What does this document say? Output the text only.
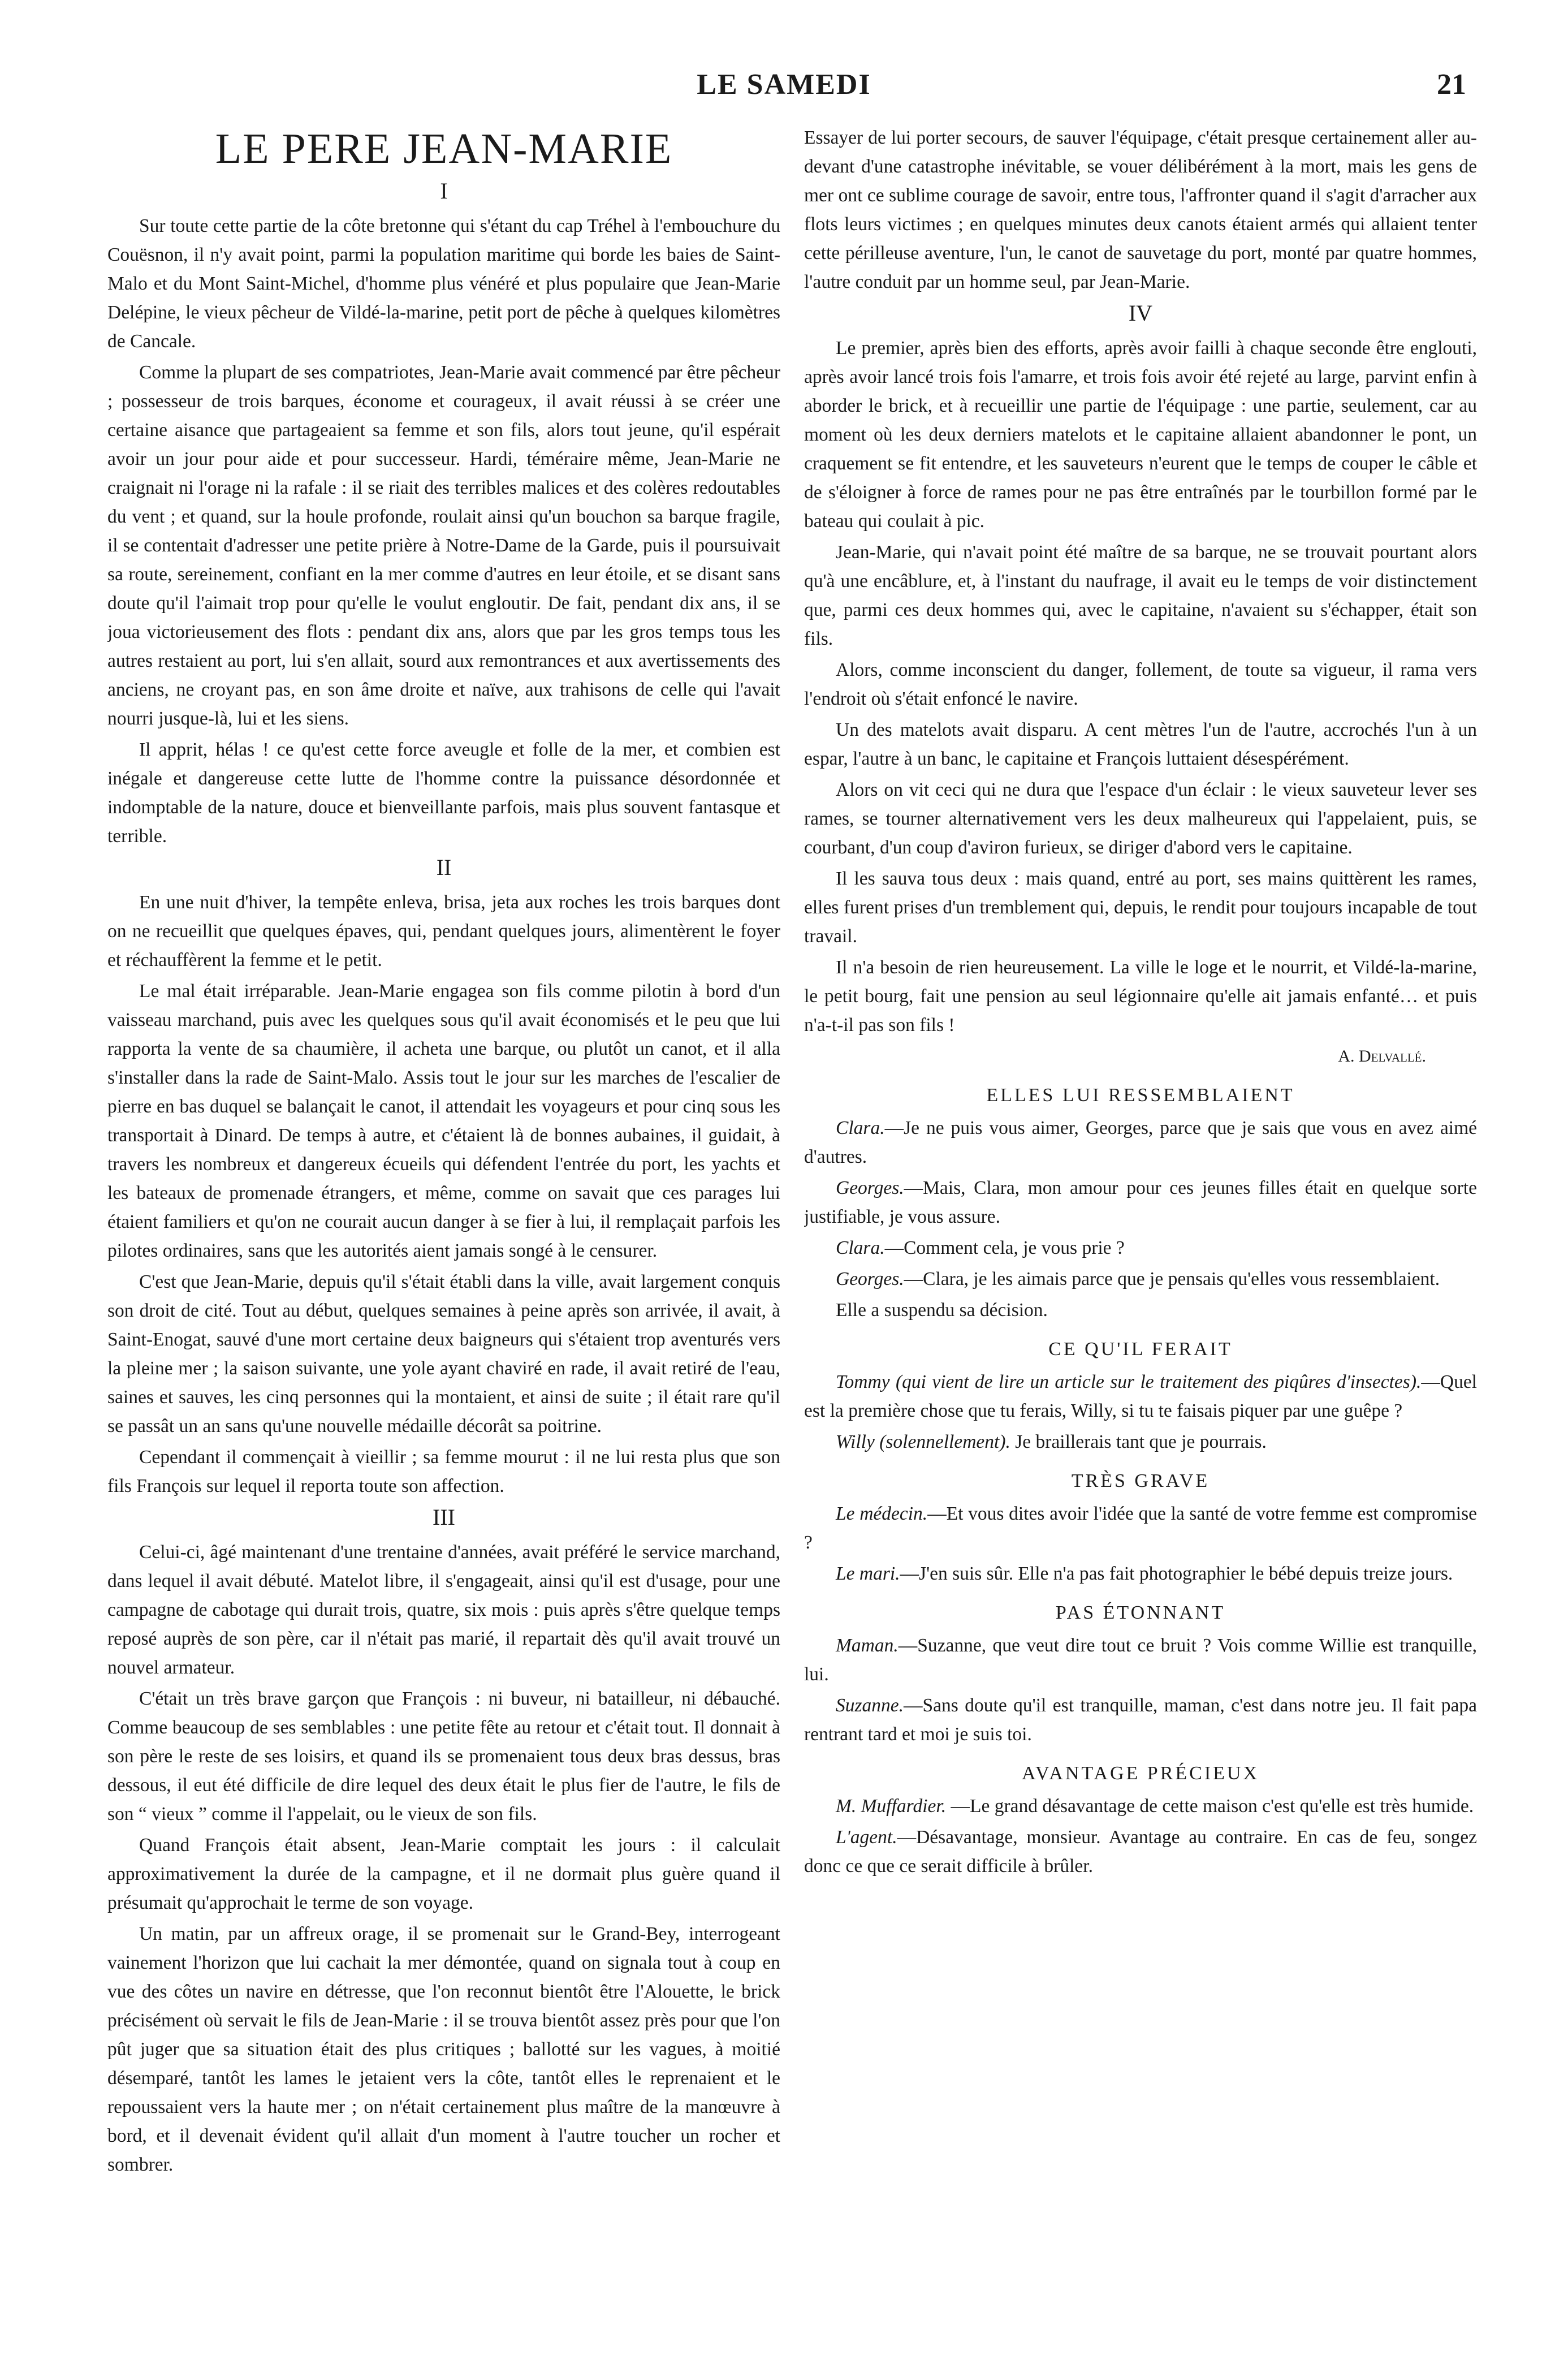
LE SAMEDI	21
LE PERE JEAN-MARIE
I

Sur toute cette partie de la côte bretonne qui s'étant du cap Tréhel à l'embouchure du Couësnon, il n'y avait point, parmi la population maritime qui borde les baies de Saint-Malo et du Mont Saint-Michel, d'homme plus vénéré et plus populaire que Jean-Marie Delépine, le vieux pêcheur de Vildé-la-marine, petit port de pêche à quelques kilomètres de Cancale.

Comme la plupart de ses compatriotes, Jean-Marie avait commencé par être pêcheur ; possesseur de trois barques, économe et courageux, il avait réussi à se créer une certaine aisance que partageaient sa femme et son fils, alors tout jeune, qu'il espérait avoir un jour pour aide et pour successeur. Hardi, téméraire même, Jean-Marie ne craignait ni l'orage ni la rafale : il se riait des terribles malices et des colères redoutables du vent ; et quand, sur la houle profonde, roulait ainsi qu'un bouchon sa barque fragile, il se contentait d'adresser une petite prière à Notre-Dame de la Garde, puis il poursuivait sa route, sereinement, confiant en la mer comme d'autres en leur étoile, et se disant sans doute qu'il l'aimait trop pour qu'elle le voulut engloutir. De fait, pendant dix ans, il se joua victorieusement des flots : pendant dix ans, alors que par les gros temps tous les autres restaient au port, lui s'en allait, sourd aux remontrances et aux avertissements des anciens, ne croyant pas, en son âme droite et naïve, aux trahisons de celle qui l'avait nourri jusque-là, lui et les siens.

Il apprit, hélas ! ce qu'est cette force aveugle et folle de la mer, et combien est inégale et dangereuse cette lutte de l'homme contre la puissance désordonnée et indomptable de la nature, douce et bienveillante parfois, mais plus souvent fantasque et terrible.

II

En une nuit d'hiver, la tempête enleva, brisa, jeta aux roches les trois barques dont on ne recueillit que quelques épaves, qui, pendant quelques jours, alimentèrent le foyer et réchauffèrent la femme et le petit.

Le mal était irréparable. Jean-Marie engagea son fils comme pilotin à bord d'un vaisseau marchand, puis avec les quelques sous qu'il avait économisés et le peu que lui rapporta la vente de sa chaumière, il acheta une barque, ou plutôt un canot, et il alla s'installer dans la rade de Saint-Malo. Assis tout le jour sur les marches de l'escalier de pierre en bas duquel se balançait le canot, il attendait les voyageurs et pour cinq sous les transportait à Dinard. De temps à autre, et c'étaient là de bonnes aubaines, il guidait, à travers les nombreux et dangereux écueils qui défendent l'entrée du port, les yachts et les bateaux de promenade étrangers, et même, comme on savait que ces parages lui étaient familiers et qu'on ne courait aucun danger à se fier à lui, il remplaçait parfois les pilotes ordinaires, sans que les autorités aient jamais songé à le censurer.

C'est que Jean-Marie, depuis qu'il s'était établi dans la ville, avait largement conquis son droit de cité. Tout au début, quelques semaines à peine après son arrivée, il avait, à Saint-Enogat, sauvé d'une mort certaine deux baigneurs qui s'étaient trop aventurés vers la pleine mer ; la saison suivante, une yole ayant chaviré en rade, il avait retiré de l'eau, saines et sauves, les cinq personnes qui la montaient, et ainsi de suite ; il était rare qu'il se passât un an sans qu'une nouvelle médaille décorât sa poitrine.

Cependant il commençait à vieillir ; sa femme mourut : il ne lui resta plus que son fils François sur lequel il reporta toute son affection.

III

Celui-ci, âgé maintenant d'une trentaine d'années, avait préféré le service marchand, dans lequel il avait débuté. Matelot libre, il s'engageait, ainsi qu'il est d'usage, pour une campagne de cabotage qui durait trois, quatre, six mois : puis après s'être quelque temps reposé auprès de son père, car il n'était pas marié, il repartait dès qu'il avait trouvé un nouvel armateur.

C'était un très brave garçon que François : ni buveur, ni batailleur, ni débauché. Comme beaucoup de ses semblables : une petite fête au retour et c'était tout. Il donnait à son père le reste de ses loisirs, et quand ils se promenaient tous deux bras dessus, bras dessous, il eut été difficile de dire lequel des deux était le plus fier de l'autre, le fils de son “ vieux ” comme il l'appelait, ou le vieux de son fils.

Quand François était absent, Jean-Marie comptait les jours : il calculait approximativement la durée de la campagne, et il ne dormait plus guère quand il présumait qu'approchait le terme de son voyage.

Un matin, par un affreux orage, il se promenait sur le Grand-Bey, interrogeant vainement l'horizon que lui cachait la mer démontée, quand on signala tout à coup en vue des côtes un navire en détresse, que l'on reconnut bientôt être l'Alouette, le brick précisément où servait le fils de Jean-Marie : il se trouva bientôt assez près pour que l'on pût juger que sa situation était des plus critiques ; ballotté sur les vagues, à moitié désemparé, tantôt les lames le jetaient vers la côte, tantôt elles le reprenaient et le repoussaient vers la haute mer ; on n'était certainement plus maître de la manœuvre à bord, et il devenait évident qu'il allait d'un moment à l'autre toucher un rocher et sombrer.

Essayer de lui porter secours, de sauver l'équipage, c'était presque certainement aller au-devant d'une catastrophe inévitable, se vouer délibérément à la mort, mais les gens de mer ont ce sublime courage de savoir, entre tous, l'affronter quand il s'agit d'arracher aux flots leurs victimes ; en quelques minutes deux canots étaient armés qui allaient tenter cette périlleuse aventure, l'un, le canot de sauvetage du port, monté par quatre hommes, l'autre conduit par un homme seul, par Jean-Marie.

IV

Le premier, après bien des efforts, après avoir failli à chaque seconde être englouti, après avoir lancé trois fois l'amarre, et trois fois avoir été rejeté au large, parvint enfin à aborder le brick, et à recueillir une partie de l'équipage : une partie, seulement, car au moment où les deux derniers matelots et le capitaine allaient abandonner le pont, un craquement se fit entendre, et les sauveteurs n'eurent que le temps de couper le câble et de s'éloigner à force de rames pour ne pas être entraînés par le tourbillon formé par le bateau qui coulait à pic.

Jean-Marie, qui n'avait point été maître de sa barque, ne se trouvait pourtant alors qu'à une encâblure, et, à l'instant du naufrage, il avait eu le temps de voir distinctement que, parmi ces deux hommes qui, avec le capitaine, n'avaient su s'échapper, était son fils.

Alors, comme inconscient du danger, follement, de toute sa vigueur, il rama vers l'endroit où s'était enfoncé le navire.

Un des matelots avait disparu. A cent mètres l'un de l'autre, accrochés l'un à un espar, l'autre à un banc, le capitaine et François luttaient désespérément.

Alors on vit ceci qui ne dura que l'espace d'un éclair : le vieux sauveteur lever ses rames, se tourner alternativement vers les deux malheureux qui l'appelaient, puis, se courbant, d'un coup d'aviron furieux, se diriger d'abord vers le capitaine.

Il les sauva tous deux : mais quand, entré au port, ses mains quittèrent les rames, elles furent prises d'un tremblement qui, depuis, le rendit pour toujours incapable de tout travail.

Il n'a besoin de rien heureusement. La ville le loge et le nourrit, et Vildé-la-marine, le petit bourg, fait une pension au seul légionnaire qu'elle ait jamais enfanté… et puis n'a-t-il pas son fils !

A. Delvallé.
ELLES LUI RESSEMBLAIENT

Clara.—Je ne puis vous aimer, Georges, parce que je sais que vous en avez aimé d'autres.

Georges.—Mais, Clara, mon amour pour ces jeunes filles était en quelque sorte justifiable, je vous assure.

Clara.—Comment cela, je vous prie ?

Georges.—Clara, je les aimais parce que je pensais qu'elles vous ressemblaient.

Elle a suspendu sa décision.

CE QU'IL FERAIT

Tommy (qui vient de lire un article sur le traitement des piqûres d'insectes).—Quel est la première chose que tu ferais, Willy, si tu te faisais piquer par une guêpe ?

Willy (solennellement). Je braillerais tant que je pourrais.

TRÈS GRAVE

Le médecin.—Et vous dites avoir l'idée que la santé de votre femme est compromise ?

Le mari.—J'en suis sûr. Elle n'a pas fait photographier le bébé depuis treize jours.

PAS ÉTONNANT

Maman.—Suzanne, que veut dire tout ce bruit ? Vois comme Willie est tranquille, lui.

Suzanne.—Sans doute qu'il est tranquille, maman, c'est dans notre jeu. Il fait papa rentrant tard et moi je suis toi.

AVANTAGE PRÉCIEUX

M. Muffardier. —Le grand désavantage de cette maison c'est qu'elle est très humide.

L'agent.—Désavantage, monsieur. Avantage au contraire. En cas de feu, songez donc ce que ce serait difficile à brûler.
